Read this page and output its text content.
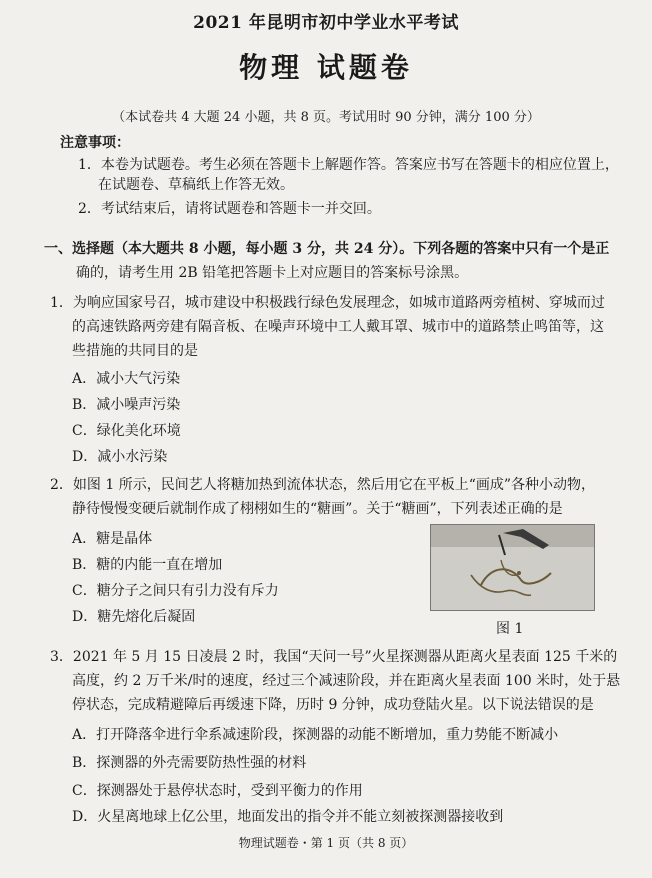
2021 年昆明市初中学业水平考试
物理 试题卷
（本试卷共 4 大题 24 小题，共 8 页。考试用时 90 分钟，满分 100 分）
注意事项：
1．本卷为试题卷。考生必须在答题卡上解题作答。答案应书写在答题卡的相应位置上，
在试题卷、草稿纸上作答无效。
2．考试结束后，请将试题卷和答题卡一并交回。
一、选择题（本大题共 8 小题，每小题 3 分，共 24 分）。下列各题的答案中只有一个是正
确的，请考生用 2B 铅笔把答题卡上对应题目的答案标号涂黑。
1．为响应国家号召，城市建设中积极践行绿色发展理念，如城市道路两旁植树、穿城而过
的高速铁路两旁建有隔音板、在噪声环境中工人戴耳罩、城市中的道路禁止鸣笛等，这
些措施的共同目的是
A．减小大气污染
B．减小噪声污染
C．绿化美化环境
D．减小水污染
2．如图 1 所示，民间艺人将糖加热到流体状态，然后用它在平板上“画成”各种小动物，
静待慢慢变硬后就制作成了栩栩如生的“糖画”。关于“糖画”，下列表述正确的是
A．糖是晶体
B．糖的内能一直在增加
C．糖分子之间只有引力没有斥力
D．糖先熔化后凝固
图 1
3．2021 年 5 月 15 日凌晨 2 时，我国“天问一号”火星探测器从距离火星表面 125 千米的
高度，约 2 万千米/时的速度，经过三个减速阶段，并在距离火星表面 100 米时，处于悬
停状态，完成精避障后再缓速下降，历时 9 分钟，成功登陆火星。以下说法错误的是
A．打开降落伞进行伞系减速阶段，探测器的动能不断增加，重力势能不断减小
B．探测器的外壳需要防热性强的材料
C．探测器处于悬停状态时，受到平衡力的作用
D．火星离地球上亿公里，地面发出的指令并不能立刻被探测器接收到
物理试题卷・第 1 页（共 8 页）
